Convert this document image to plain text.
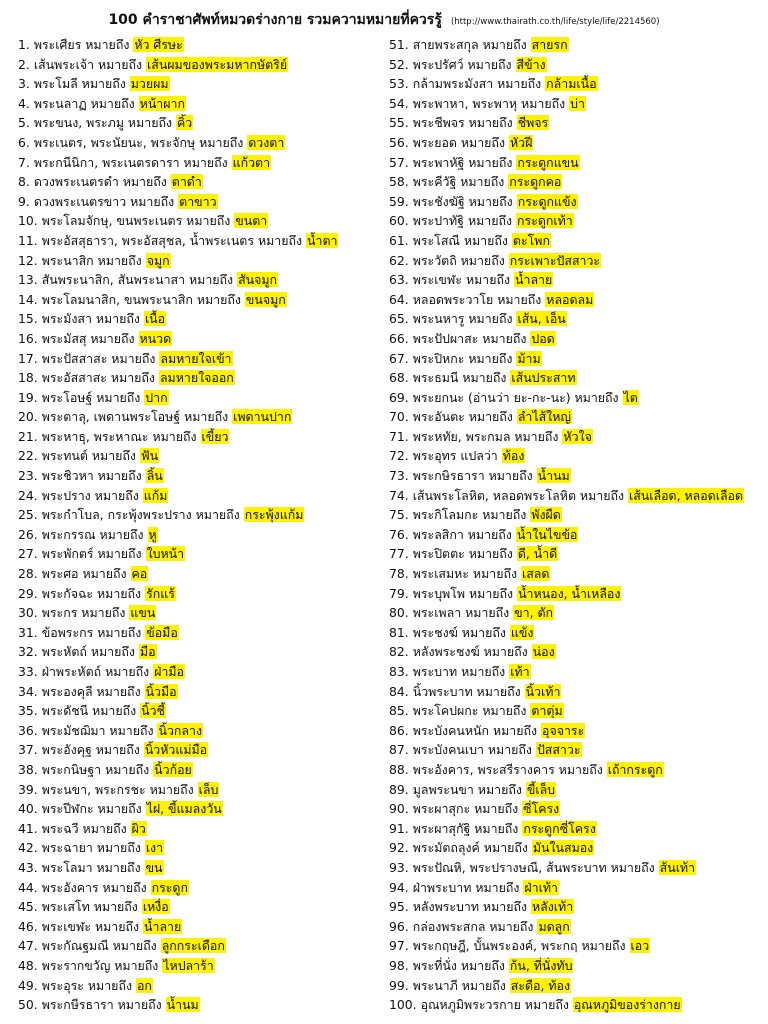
100 คำราชาศัพท์หมวดร่างกาย รวมความหมายที่ควรรู้ (http://www.thairath.co.th/life/style/life/2214560)
1. พระเศียร หมายถึง หัว ศีรษะ
2. เส้นพระเจ้า หมายถึง เส้นผมของพระมหากษัตริย์
3. พระโมลี หมายถึง มวยผม
4. พระนลาฏ หมายถึง หน้าผาก
5. พระขนง, พระภมู หมายถึง คิ้ว
6. พระเนตร, พระนัยนะ, พระจักษุ หมายถึง ดวงตา
7. พระกนีนิกา, พระเนตรดารา หมายถึง แก้วตา
8. ดวงพระเนตรดำ หมายถึง ตาดำ
9. ดวงพระเนตรขาว หมายถึง ตาขาว
10. พระโลมจักษุ, ขนพระเนตร หมายถึง ขนตา
11. พระอัสสุธารา, พระอัสสุชล, น้ำพระเนตร หมายถึง น้ำตา
12. พระนาสิก หมายถึง จมูก
13. สันพระนาสิก, สันพระนาสา หมายถึง สันจมูก
14. พระโลมนาสิก, ขนพระนาสิก หมายถึง ขนจมูก
15. พระมังสา หมายถึง เนื้อ
16. พระมัสสุ หมายถึง หนวด
17. พระปัสสาสะ หมายถึง ลมหายใจเข้า
18. พระอัสสาสะ หมายถึง ลมหายใจออก
19. พระโอษฐ์ หมายถึง ปาก
20. พระตาลุ, เพดานพระโอษฐ์ หมายถึง เพดานปาก
21. พระหาธุ, พระหาณะ หมายถึง เขี้ยว
22. พระทนต์ หมายถึง ฟัน
23. พระชิวหา หมายถึง ลิ้น
24. พระปราง หมายถึง แก้ม
25. พระกำโบล, กระพุ้งพระปราง หมายถึง กระพุ้งแก้ม
26. พระกรรณ หมายถึง หู
27. พระพักตร์ หมายถึง ใบหน้า
28. พระศอ หมายถึง คอ
29. พระกัจฉะ หมายถึง รักแร้
30. พระกร หมายถึง แขน
31. ข้อพระกร หมายถึง ข้อมือ
32. พระหัตถ์ หมายถึง มือ
33. ฝ่าพระหัตถ์ หมายถึง ฝ่ามือ
34. พระองคุลี หมายถึง นิ้วมือ
35. พระดัชนี หมายถึง นิ้วชี้
36. พระมัชฌิมา หมายถึง นิ้วกลาง
37. พระอังคุฐ หมายถึง นิ้วหัวแม่มือ
38. พระกนิษฐา หมายถึง นิ้วก้อย
39. พระนขา, พระกรชะ หมายถึง เล็บ
40. พระปีฬกะ หมายถึง ไฝ, ขี้แมลงวัน
41. พระฉวี หมายถึง ผิว
42. พระฉายา หมายถึง เงา
43. พระโลมา หมายถึง ขน
44. พระอังคาร หมายถึง กระดูก
45. พระเสโท หมายถึง เหงื่อ
46. พระเขฬะ หมายถึง น้ำลาย
47. พระกัณฐมณี หมายถึง ลูกกระเดือก
48. พระรากขวัญ หมายถึง ไหปลาร้า
49. พระอุระ หมายถึง อก
50. พระกษีรธารา หมายถึง น้ำนม
51. สายพระสกุล หมายถึง สายรก
52. พระปรัศว์ หมายถึง สีข้าง
53. กล้ามพระมังสา หมายถึง กล้ามเนื้อ
54. พระพาหา, พระพาหุ หมายถึง บ่า
55. พระชีพจร หมายถึง ชีพจร
56. พระยอด หมายถึง หัวฝี
57. พระพาหัฐิ หมายถึง กระดูกแขน
58. พระคีวัฐิ หมายถึง กระดูกคอ
59. พระชังฆัฐิ หมายถึง กระดูกแข้ง
60. พระปาทัฐิ หมายถึง กระดูกเท้า
61. พระโสณี หมายถึง ตะโพก
62. พระวัตถิ หมายถึง กระเพาะปัสสาวะ
63. พระเขฬะ หมายถึง น้ำลาย
64. หลอดพระวาโย หมายถึง หลอดลม
65. พระนหารู หมายถึง เส้น, เอ็น
66. พระปัปผาสะ หมายถึง ปอด
67. พระปิหกะ หมายถึง ม้าม
68. พระธมนี หมายถึง เส้นประสาท
69. พระยกนะ (อ่านว่า ยะ-กะ-นะ) หมายถึง ไต
70. พระอันตะ หมายถึง ลำไส้ใหญ่
71. พระหทัย, พระกมล หมายถึง หัวใจ
72. พระอุทร แปลว่า ท้อง
73. พระกษิรธารา หมายถึง น้ำนม
74. เส้นพระโลหิต, หลอดพระโลหิต หมายถึง เส้นเลือด, หลอดเลือด
75. พระกิโลมกะ หมายถึง พังผืด
76. พระลสิกา หมายถึง น้ำในไขข้อ
77. พระปิตตะ หมายถึง ดี, น้ำดี
78. พระเสมหะ หมายถึง เสลด
79. พระบุพโพ หมายถึง น้ำหนอง, น้ำเหลือง
80. พระเพลา หมายถึง ขา, ตัก
81. พระชงฆ์ หมายถึง แข้ง
82. หลังพระชงฆ์ หมายถึง น่อง
83. พระบาท หมายถึง เท้า
84. นิ้วพระบาท หมายถึง นิ้วเท้า
85. พระโคปผกะ หมายถึง ตาตุ่ม
86. พระบังคนหนัก หมายถึง อุจจาระ
87. พระบังคนเบา หมายถึง ปัสสาวะ
88. พระอังคาร, พระสรีรางคาร หมายถึง เถ้ากระดูก
89. มูลพระนขา หมายถึง ขี้เล็บ
90. พระผาสุกะ หมายถึง ซี่โครง
91. พระผาสุกัฐิ หมายถึง กระดูกซี่โครง
92. พระมัตถลุงค์ หมายถึง มันในสมอง
93. พระปัณหิ, พระปรางษณี, ส้นพระบาท หมายถึง ส้นเท้า
94. ฝ่าพระบาท หมายถึง ฝ่าเท้า
95. หลังพระบาท หมายถึง หลังเท้า
96. กล่องพระสกล หมายถึง มดลูก
97. พระกฤษฎี, บั้นพระองค์, พระกฤ หมายถึง เอว
98. พระที่นั่ง หมายถึง ก้น, ที่นั่งทับ
99. พระนาภี หมายถึง สะดือ, ท้อง
100. อุณหภูมิพระวรกาย หมายถึง อุณหภูมิของร่างกาย
